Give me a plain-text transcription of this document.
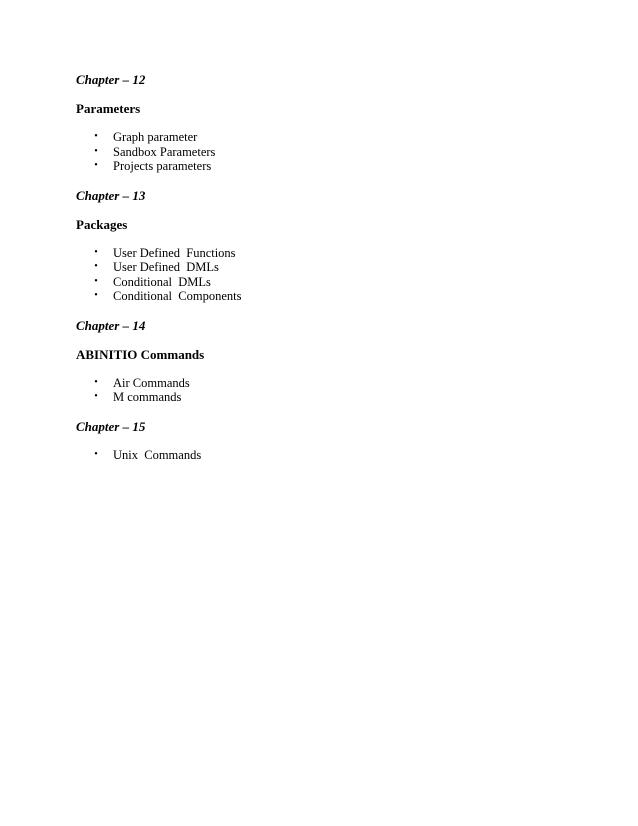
Chapter – 12
Parameters
• Graph parameter
• Sandbox Parameters
• Projects parameters
Chapter – 13
Packages
• User Defined  Functions
• User Defined  DMLs
• Conditional  DMLs
• Conditional  Components
Chapter – 14
ABINITIO Commands
• Air Commands
• M commands
Chapter – 15
• Unix  Commands
